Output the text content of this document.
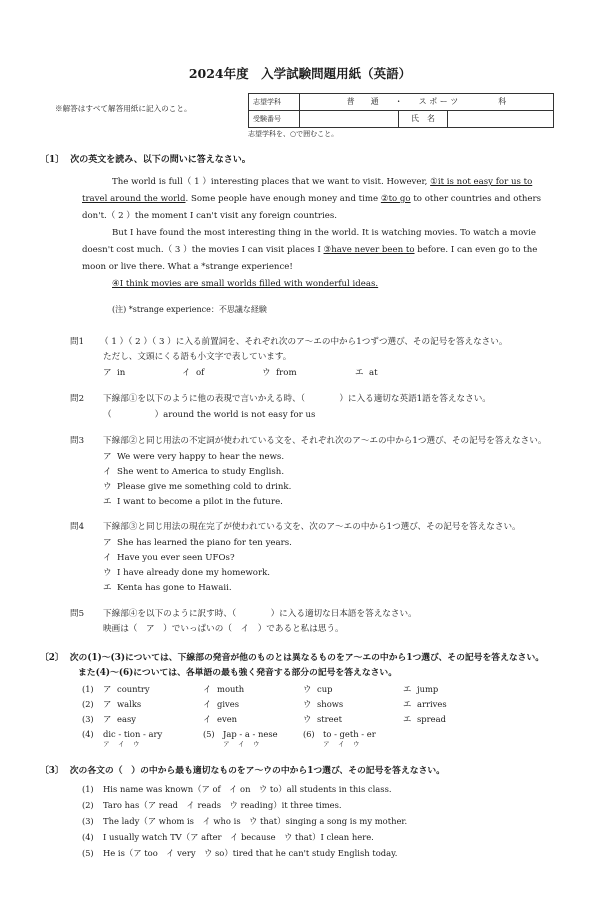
2024年度　入学試験問題用紙（英語）
※解答はすべて解答用紙に記入のこと。
志望学科	普　　通　　・　　ス ポ ー ツ　　　　　科		
受験番号		氏　名	
志望学科を、○で囲むこと。
〔1〕 次の英文を読み、以下の問いに答えなさい。
The world is full（ 1 ）interesting places that we want to visit. However, ①it is not easy for us to travel around the world. Some people have enough money and time ②to go to other countries and others don't.（ 2 ）the moment I can't visit any foreign countries.
But I have found the most interesting thing in the world. It is watching movies. To watch a movie doesn't cost much.（ 3 ）the movies I can visit places I ③have never been to before. I can even go to the moon or live there. What a *strange experience!
④I think movies are small worlds filled with wonderful ideas.
(注) *strange experience：不思議な経験
問1 （ 1 ）（ 2 ）（ 3 ）に入る前置詞を、それぞれ次のア～エの中から1つずつ選び、その記号を答えなさい。
ただし、文頭にくる語も小文字で表しています。
ア in	イ of	ウ from	エ at
問2 下線部①を以下のように他の表現で言いかえる時、（　　　　）に入る適切な英語1語を答えなさい。
（　　　　　）around the world is not easy for us
問3 下線部②と同じ用法の不定詞が使われている文を、それぞれ次のア～エの中から1つ選び、その記号を答えなさい。
ア We were very happy to hear the news.
イ She went to America to study English.
ウ Please give me something cold to drink.
エ I want to become a pilot in the future.
問4 下線部③と同じ用法の現在完了が使われている文を、次のア～エの中から1つ選び、その記号を答えなさい。
ア She has learned the piano for ten years.
イ Have you ever seen UFOs?
ウ I have already done my homework.
エ Kenta has gone to Hawaii.
問5 下線部④を以下のように訳す時、（　　　　）に入る適切な日本語を答えなさい。
映画は（　ア　）でいっぱいの（　イ　）であると私は思う。
〔2〕 次の(1)～(3)については、下線部の発音が他のものとは異なるものをア～エの中から1つ選び、その記号を答えなさい。
また(4)～(6)については、各単語の最も強く発音する部分の記号を答えなさい。
(1) ア country	イ mouth	ウ cup	エ jump
(2) ア walks	イ gives	ウ shows	エ arrives
(3) ア easy	イ even	ウ street	エ spread
(4) dic - tion - ary
ア　イ　ウ
(5) Jap - a - nese
ア　イ　ウ
(6) to - geth - er
ア　イ　ウ
〔3〕 次の各文の（　）の中から最も適切なものをア～ウの中から1つ選び、その記号を答えなさい。
(1) His name was known（ア of　イ on　ウ to）all students in this class.
(2) Taro has（ア read　イ reads　ウ reading）it three times.
(3) The lady（ア whom is　イ who is　ウ that）singing a song is my mother.
(4) I usually watch TV（ア after　イ because　ウ that）I clean here.
(5) He is（ア too　イ very　ウ so）tired that he can't study English today.
